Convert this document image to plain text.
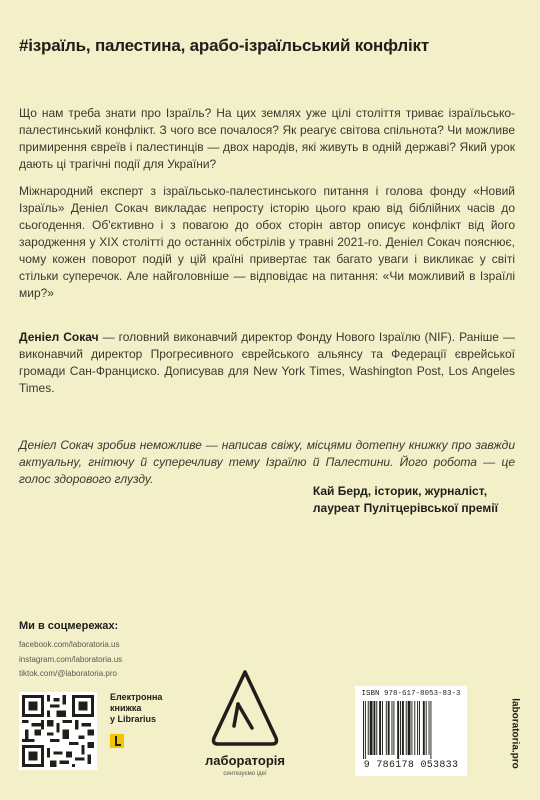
#ізраїль, палестина, арабо-ізраїльський конфлікт

Що нам треба знати про Ізраїль? На цих землях уже цілі століття триває ізраїльсько-палестинський конфлікт. З чого все почалося? Як реагує світова спільнота? Чи можливе примирення євреїв і палестинців — двох народів, які живуть в одній державі? Який урок дають ці трагічні події для України?

Міжнародний експерт з ізраїльсько-палестинського питання і голова фонду «Новий Ізраїль» Деніел Сокач викладає непросту історію цього краю від біблійних часів до сьогодення. Об'єктивно і з повагою до обох сторін автор описує конфлікт від його зародження у XIX столітті до останніх обстрілів у травні 2021-го. Деніел Сокач пояснює, чому кожен поворот подій у цій країні привертає так багато уваги і викликає у світі стільки суперечок. Але найголовніше — відповідає на питання: «Чи можливий в Ізраїлі мир?»

Деніел Сокач — головний виконавчий директор Фонду Нового Ізраїлю (NIF). Раніше — виконавчий директор Прогресивного єврейського альянсу та Федерації єврейської громади Сан-Франциско. Дописував для New York Times, Washington Post, Los Angeles Times.

Деніел Сокач зробив неможливе — написав свіжу, місцями дотепну книжку про завжди актуальну, гнітючу й суперечливу тему Ізраїлю й Палестини. Його робота — це голос здорового глузду.

Кай Берд, історик, журналіст,
лауреат Пулітцерівської премії
Ми в соцмережах:
facebook.com/laboratoria.us
instagram.com/laboratoria.us
tiktok.com/@laboratoria.pro
Електронна
книжка
у Librarius
лабораторія
синтезуємо ідеї
ISBN 978-617-8053-83-3
9 786178 053833	laboratoria.pro
